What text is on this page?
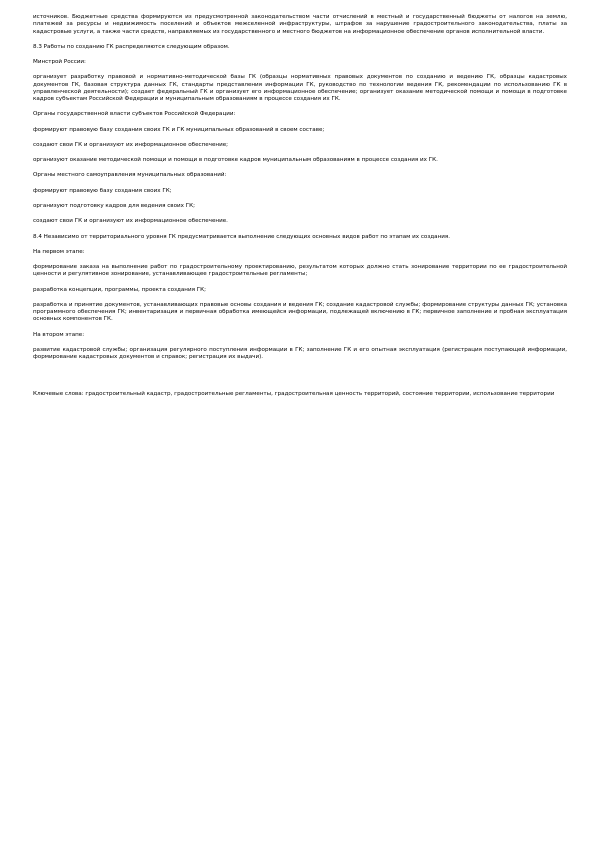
источников. Бюджетные средства формируются из предусмотренной законодательством части отчислений в местный и государственный бюджеты от налогов на землю, платежей за ресурсы и недвижимость поселений и объектов межселенной инфраструктуры, штрафов за нарушение градостроительного законодательства, платы за кадастровые услуги, а также части средств, направляемых из государственного и местного бюджетов на информационное обеспечение органов исполнительной власти.

8.3 Работы по созданию ГК распределяются следующим образом.

Минстрой России:

организует разработку правовой и нормативно-методической базы ГК (образцы нормативных правовых документов по созданию и ведению ГК, образцы кадастровых документов ГК, базовая структура данных ГК, стандарты представления информации ГК, руководство по технологии ведения ГК, рекомендации по использованию ГК в управленческой деятельности); создает федеральный ГК и организует его информационное обеспечение; организует оказание методической помощи и помощи в подготовке кадров субъектам Российской Федерации и муниципальным образованиям в процессе создания их ГК.

Органы государственной власти субъектов Российской Федерации:

формируют правовую базу создания своих ГК и ГК муниципальных образований в своем составе;

создают свои ГК и организуют их информационное обеспечение;

организуют оказание методической помощи и помощи в подготовке кадров муниципальным образованиям в процессе создания их ГК.

Органы местного самоуправления муниципальных образований:

формируют правовую базу создания своих ГК;

организуют подготовку кадров для ведения своих ГК;

создают свои ГК и организуют их информационное обеспечение.

8.4 Независимо от территориального уровня ГК предусматривается выполнение следующих основных видов работ по этапам их создания.

На первом этапе:

формирование заказа на выполнение работ по градостроительному проектированию, результатом которых должно стать зонирование территории по ее градостроительной ценности и регулятивное зонирование, устанавливающее градостроительные регламенты;

разработка концепции, программы, проекта создания ГК;

разработка и принятие документов, устанавливающих правовые основы создания и ведения ГК; создание кадастровой службы; формирование структуры данных ГК; установка программного обеспечения ГК; инвентаризация и первичная обработка имеющейся информации, подлежащей включению в ГК; первичное заполнение и пробная эксплуатация основных компонентов ГК.

На втором этапе:

развитие кадастровой службы; организация регулярного поступления информации в ГК; заполнение ГК и его опытная эксплуатация (регистрация поступающей информации, формирование кадастровых документов и справок; регистрация их выдачи).

Ключевые слова: градостроительный кадастр, градостроительные регламенты, градостроительная ценность территорий, состояние территории, использование территории
